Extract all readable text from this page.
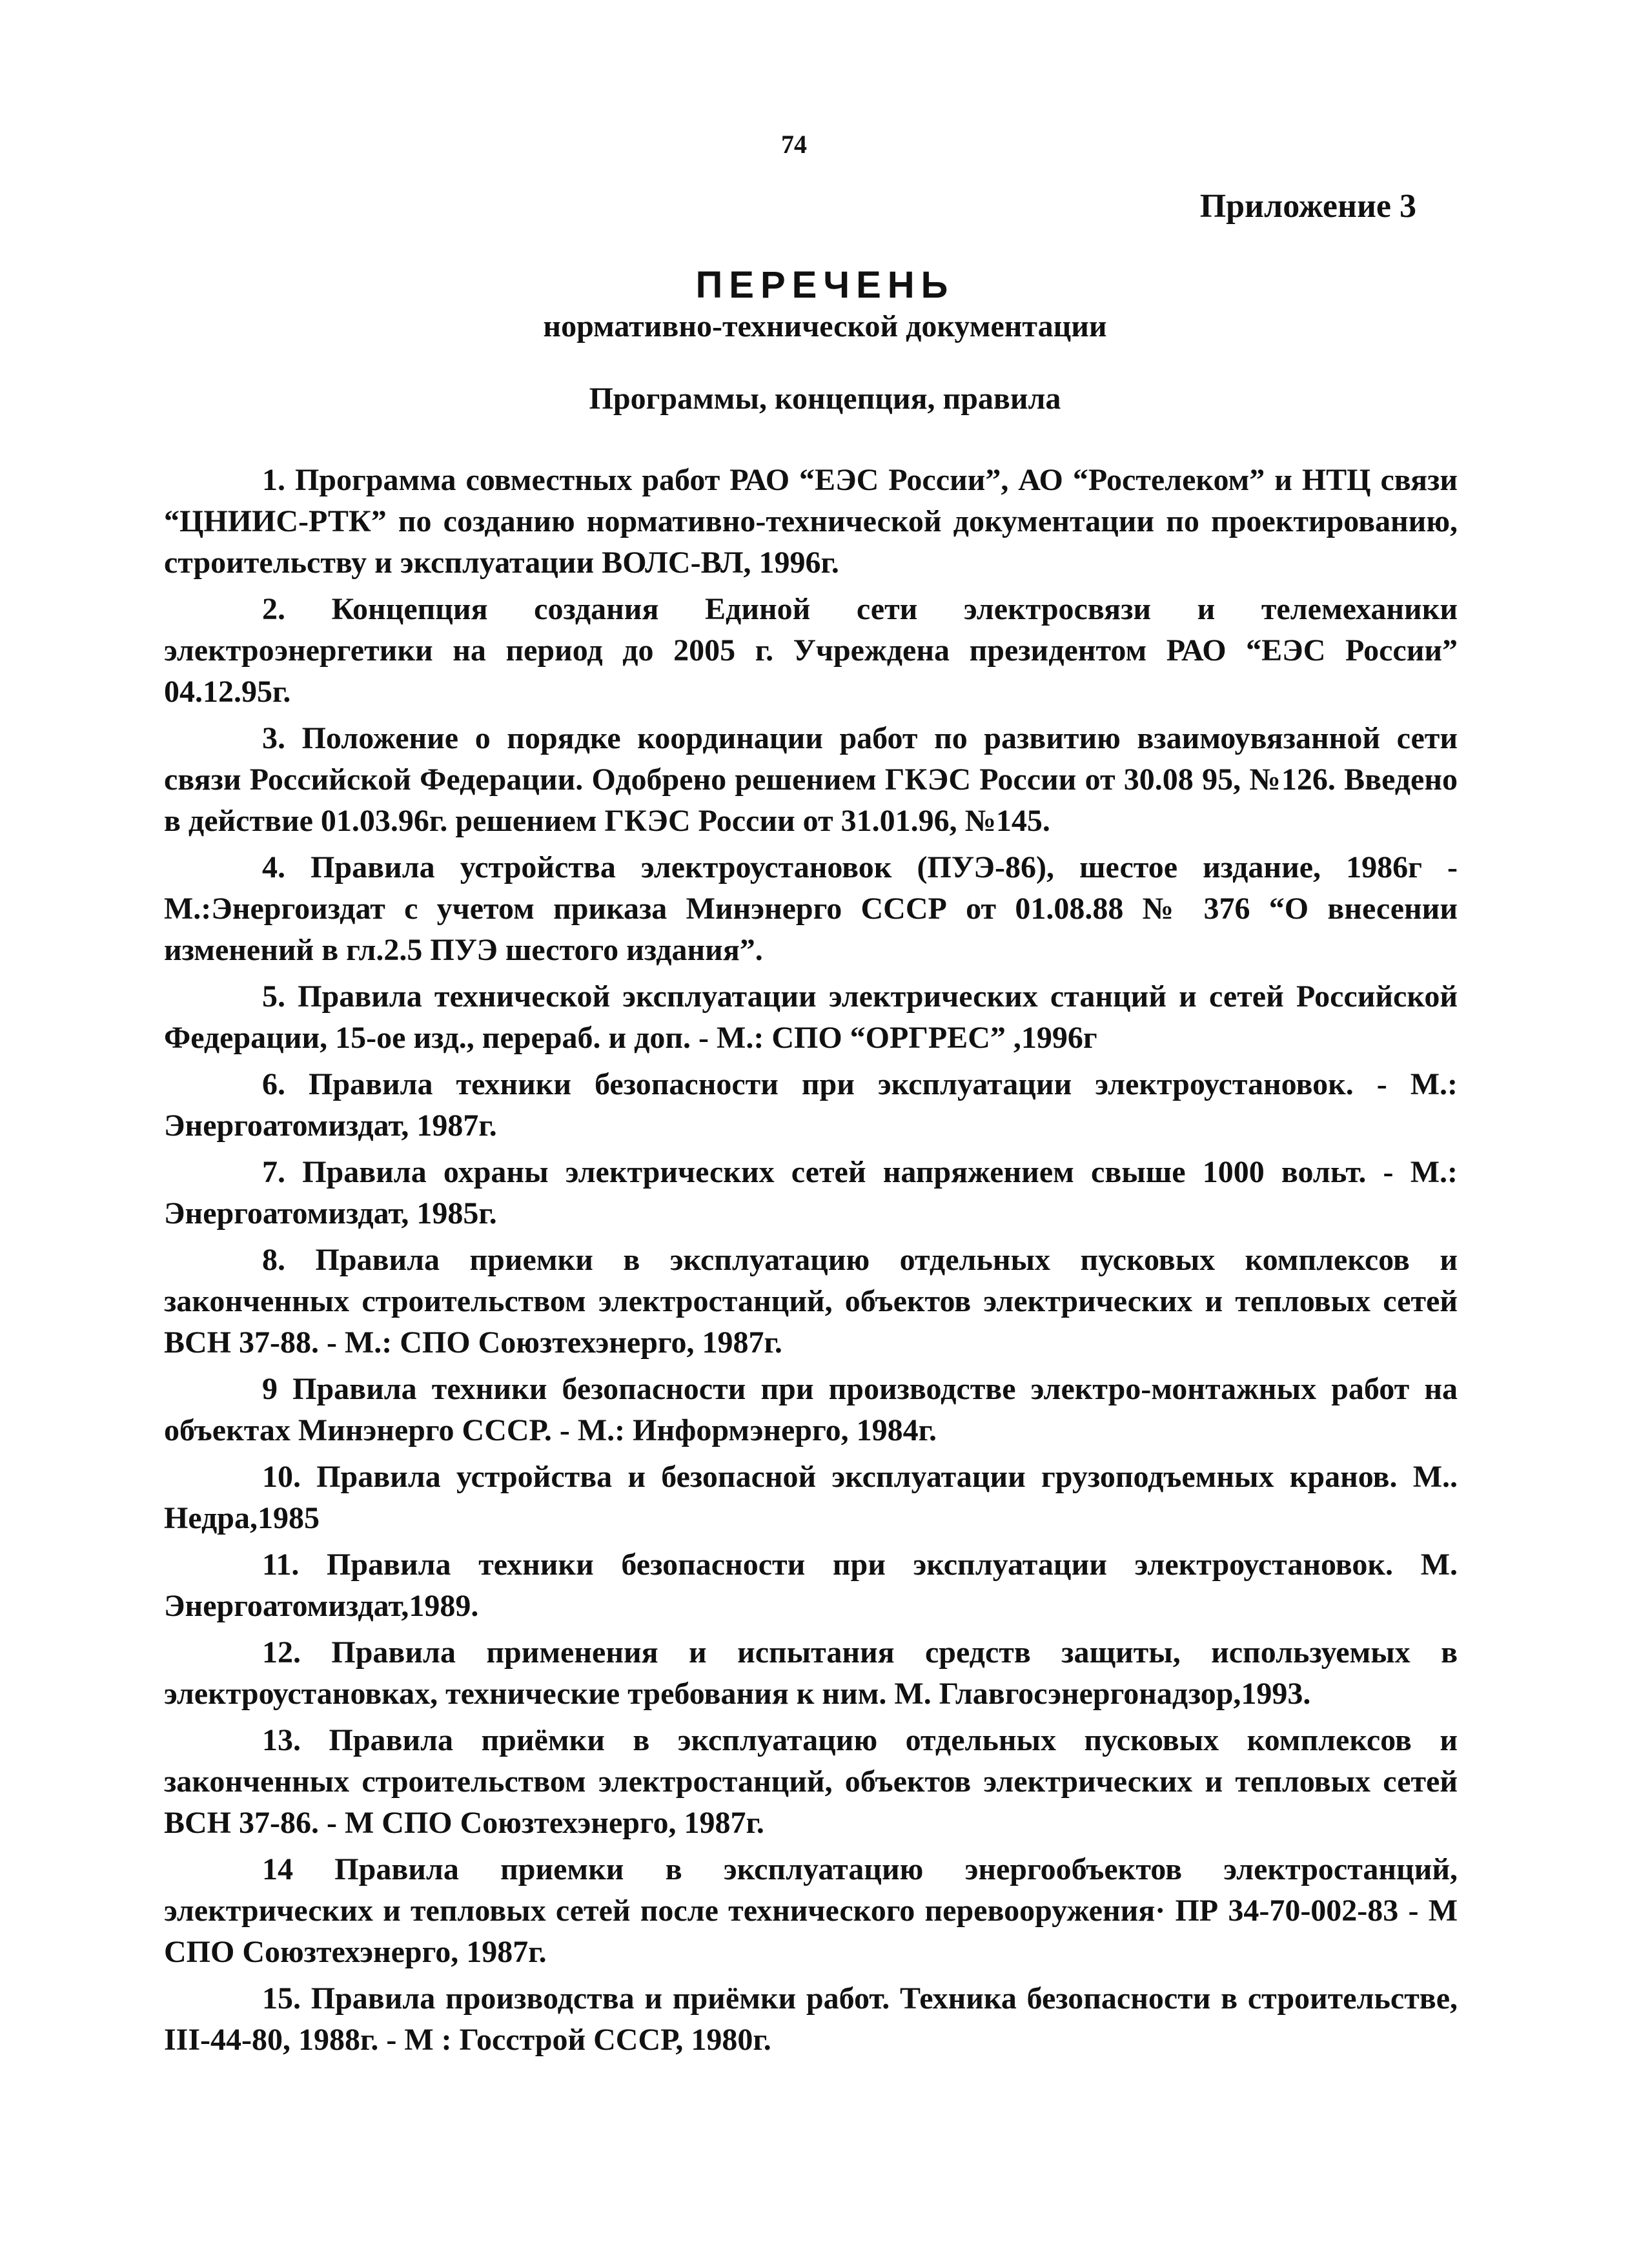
74
Приложение 3
ПЕРЕЧЕНЬ
нормативно-технической документации
Программы, концепция, правила

1. Программа совместных работ РАО “ЕЭС России”, АО “Ростелеком” и НТЦ связи “ЦНИИС-РТК” по созданию нормативно-технической документации по проектированию, строительству и эксплуатации ВОЛС-ВЛ, 1996г.

2. Концепция создания Единой сети электросвязи и телемеханики электроэнергетики на период до 2005 г. Учреждена президентом РАО “ЕЭС России” 04.12.95г.

3. Положение о порядке координации работ по развитию взаимоувязанной сети связи Российской Федерации. Одобрено решением ГКЭС России от 30.08 95, №126. Введено в действие 01.03.96г. решением ГКЭС России от 31.01.96, №145.

4. Правила устройства электроустановок (ПУЭ-86), шестое издание, 1986г - М.:Энергоиздат с учетом приказа Минэнерго СССР от 01.08.88 № 376 “О внесении изменений в гл.2.5 ПУЭ шестого издания”.

5. Правила технической эксплуатации электрических станций и сетей Российской Федерации, 15-ое изд., перераб. и доп. - М.: СПО “ОРГРЕС” ,1996г

6. Правила техники безопасности при эксплуатации электроустановок. - М.: Энергоатомиздат, 1987г.

7. Правила охраны электрических сетей напряжением свыше 1000 вольт. - М.: Энергоатомиздат, 1985г.

8. Правила приемки в эксплуатацию отдельных пусковых комплексов и законченных строительством электростанций, объектов электрических и тепловых сетей ВСН 37-88. - М.: СПО Союзтехэнерго, 1987г.

9 Правила техники безопасности при производстве электро-монтажных работ на объектах Минэнерго СССР. - М.: Информэнерго, 1984г.

10. Правила устройства и безопасной эксплуатации грузоподъемных кранов. М.. Недра,1985

11. Правила техники безопасности при эксплуатации электроустановок. М. Энергоатомиздат,1989.

12. Правила применения и испытания средств защиты, используемых в электроустановках, технические требования к ним. М. Главгосэнергонадзор,1993.

13. Правила приёмки в эксплуатацию отдельных пусковых комплексов и законченных строительством электростанций, объектов электрических и тепловых сетей ВСН 37-86. - М СПО Союзтехэнерго, 1987г.

14 Правила приемки в эксплуатацию энергообъектов электростанций, электрических и тепловых сетей после технического перевооружения· ПР 34-70-002-83 - М СПО Союзтехэнерго, 1987г.

15. Правила производства и приёмки работ. Техника безопасности в строительстве, III-44-80, 1988г. - М : Госстрой СССР, 1980г.
